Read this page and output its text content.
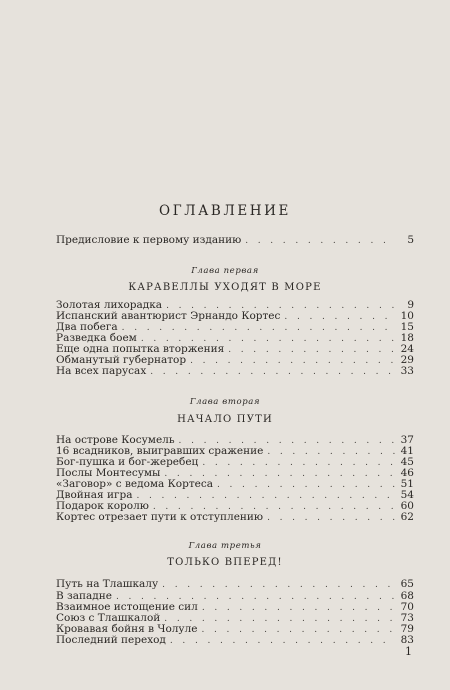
ОГЛАВЛЕНИЕ
Предисловие к первому изданию . . .	5
Глава первая
КАРАВЕЛЛЫ УХОДЯТ В МОРЕ
Золотая лихорадка . . .	9
Испанский авантюрист Эрнандо Кортес . . .	10
Два побега . . .	15
Разведка боем . . .	18
Еще одна попытка вторжения . . .	24
Обманутый губернатор . . .	29
На всех парусах . . .	33
Глава вторая
НАЧАЛО ПУТИ
На острове Косумель . . .	37
16 всадников, выигравших сражение . . .	41
Бог-пушка и бог-жеребец . . .	45
Послы Монтесумы . . .	46
«Заговор» с ведома Кортеса . . .	51
Двойная игра . . .	54
Подарок королю . . .	60
Кортес отрезает пути к отступлению . . .	62
Глава третья
ТОЛЬКО ВПЕРЕД!
Путь на Тлашкалу . . .	65
В западне . . .	68
Взаимное истощение сил . . .	70
Союз с Тлашкалой . . .	73
Кровавая бойня в Чолуле . . .	79
Последний переход . . .	83
1
